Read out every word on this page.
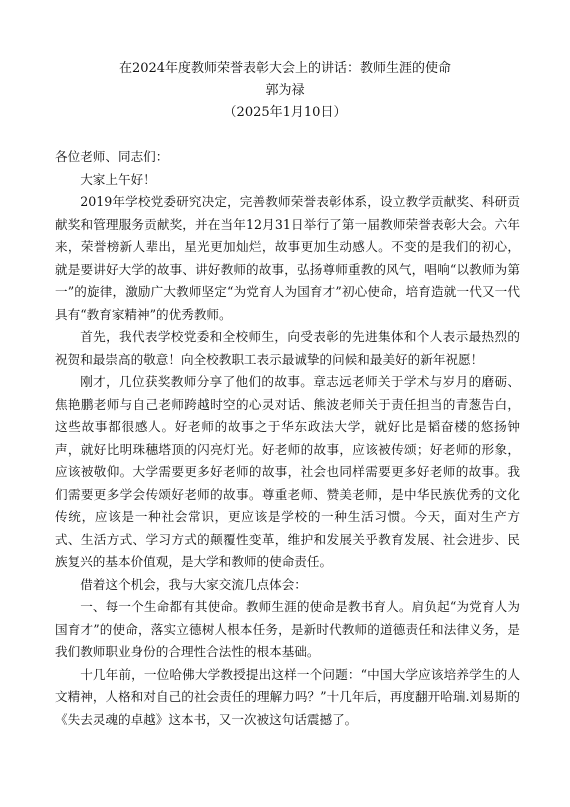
在2024年度教师荣誉表彰大会上的讲话：教师生涯的使命
郭为禄
（2025年1月10日）

各位老师、同志们：

大家上午好！

2019年学校党委研究决定，完善教师荣誉表彰体系，设立教学贡献奖、科研贡献奖和管理服务贡献奖，并在当年12月31日举行了第一届教师荣誉表彰大会。六年来，荣誉榜新人辈出，星光更加灿烂，故事更加生动感人。不变的是我们的初心，就是要讲好大学的故事、讲好教师的故事，弘扬尊师重教的风气，唱响“以教师为第一”的旋律，激励广大教师坚定“为党育人为国育才”初心使命，培育造就一代又一代具有“教育家精神”的优秀教师。

首先，我代表学校党委和全校师生，向受表彰的先进集体和个人表示最热烈的祝贺和最崇高的敬意！向全校教职工表示最诚挚的问候和最美好的新年祝愿！

刚才，几位获奖教师分享了他们的故事。章志远老师关于学术与岁月的磨砺、焦艳鹏老师与自己老师跨越时空的心灵对话、熊波老师关于责任担当的青葱告白，这些故事都很感人。好老师的故事之于华东政法大学，就好比是韬奋楼的悠扬钟声，就好比明珠穗塔顶的闪亮灯光。好老师的故事，应该被传颂；好老师的形象，应该被敬仰。大学需要更多好老师的故事，社会也同样需要更多好老师的故事。我们需要更多学会传颂好老师的故事。尊重老师、赞美老师，是中华民族优秀的文化传统，应该是一种社会常识，更应该是学校的一种生活习惯。今天，面对生产方式、生活方式、学习方式的颠覆性变革，维护和发展关乎教育发展、社会进步、民族复兴的基本价值观，是大学和教师的使命责任。

借着这个机会，我与大家交流几点体会：

一、每一个生命都有其使命。教师生涯的使命是教书育人。肩负起“为党育人为国育才”的使命，落实立德树人根本任务，是新时代教师的道德责任和法律义务，是我们教师职业身份的合理性合法性的根本基础。

十几年前，一位哈佛大学教授提出这样一个问题：“中国大学应该培养学生的人文精神，人格和对自己的社会责任的理解力吗？”十几年后，再度翻开哈瑞.刘易斯的《失去灵魂的卓越》这本书，又一次被这句话震撼了。
